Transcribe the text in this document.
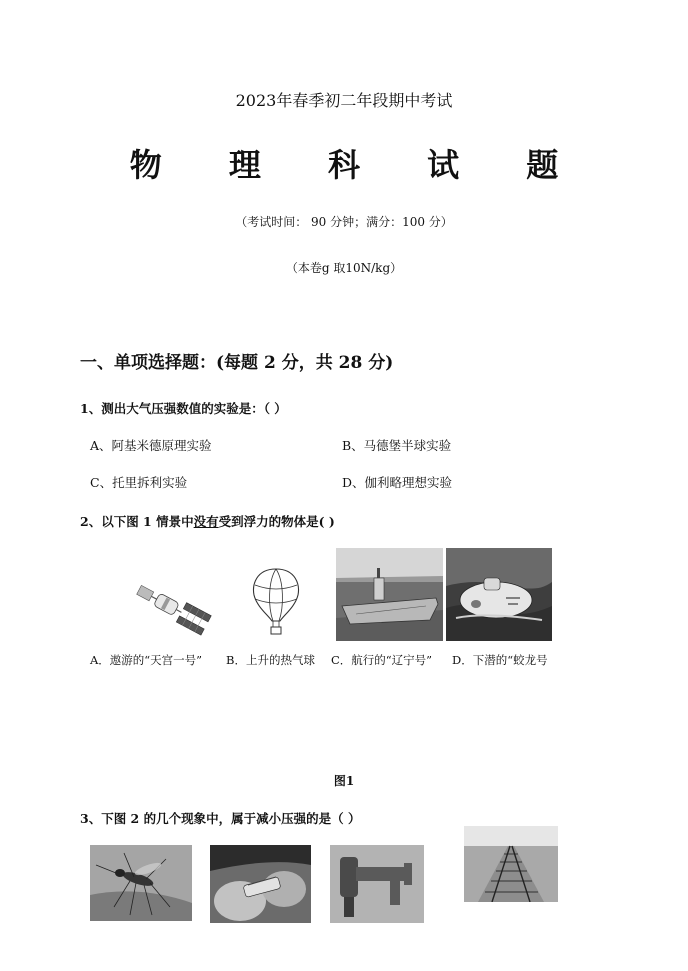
2023年春季初二年段期中考试
物 理 科 试 题
（考试时间： 90 分钟；满分：100 分）
（本卷g 取10N/kg）
一、单项选择题：(每题 2 分，共 28 分)
1、测出大气压强数值的实验是：（ ）
A、阿基米德原理实验	B、马德堡半球实验
C、托里拆利实验	D、伽利略理想实验
2、以下图 1 情景中没有受到浮力的物体是( )
A．遨游的“天宫一号” B．上升的热气球 C．航行的“辽宁号” D．下潜的“蛟龙号
图1
3、下图 2 的几个现象中，属于减小压强的是（ ）
